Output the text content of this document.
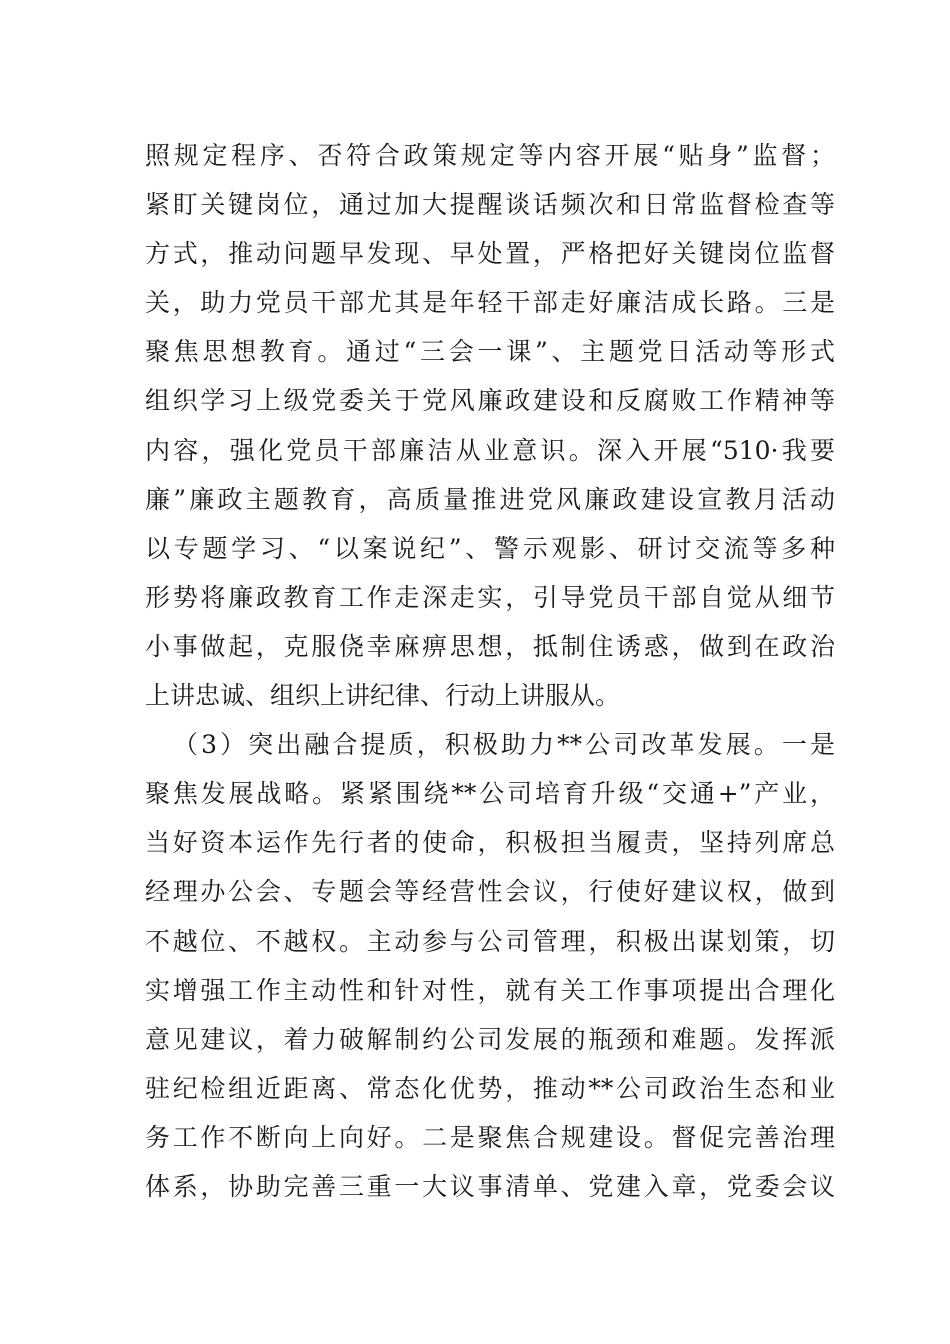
照规定程序、否符合政策规定等内容开展“贴身”监督；
紧盯关键岗位，通过加大提醒谈话频次和日常监督检查等
方式，推动问题早发现、早处置，严格把好关键岗位监督
关，助力党员干部尤其是年轻干部走好廉洁成长路。三是
聚焦思想教育。通过“三会一课”、主题党日活动等形式
组织学习上级党委关于党风廉政建设和反腐败工作精神等
内容，强化党员干部廉洁从业意识。深入开展“510·我要
廉”廉政主题教育，高质量推进党风廉政建设宣教月活动
以专题学习、“以案说纪”、警示观影、研讨交流等多种
形势将廉政教育工作走深走实，引导党员干部自觉从细节
小事做起，克服侥幸麻痹思想，抵制住诱惑，做到在政治
上讲忠诚、组织上讲纪律、行动上讲服从。
（3）突出融合提质，积极助力**公司改革发展。一是
聚焦发展战略。紧紧围绕**公司培育升级“交通+”产业，
当好资本运作先行者的使命，积极担当履责，坚持列席总
经理办公会、专题会等经营性会议，行使好建议权，做到
不越位、不越权。主动参与公司管理，积极出谋划策，切
实增强工作主动性和针对性，就有关工作事项提出合理化
意见建议，着力破解制约公司发展的瓶颈和难题。发挥派
驻纪检组近距离、常态化优势，推动**公司政治生态和业
务工作不断向上向好。二是聚焦合规建设。督促完善治理
体系，协助完善三重一大议事清单、党建入章，党委会议
